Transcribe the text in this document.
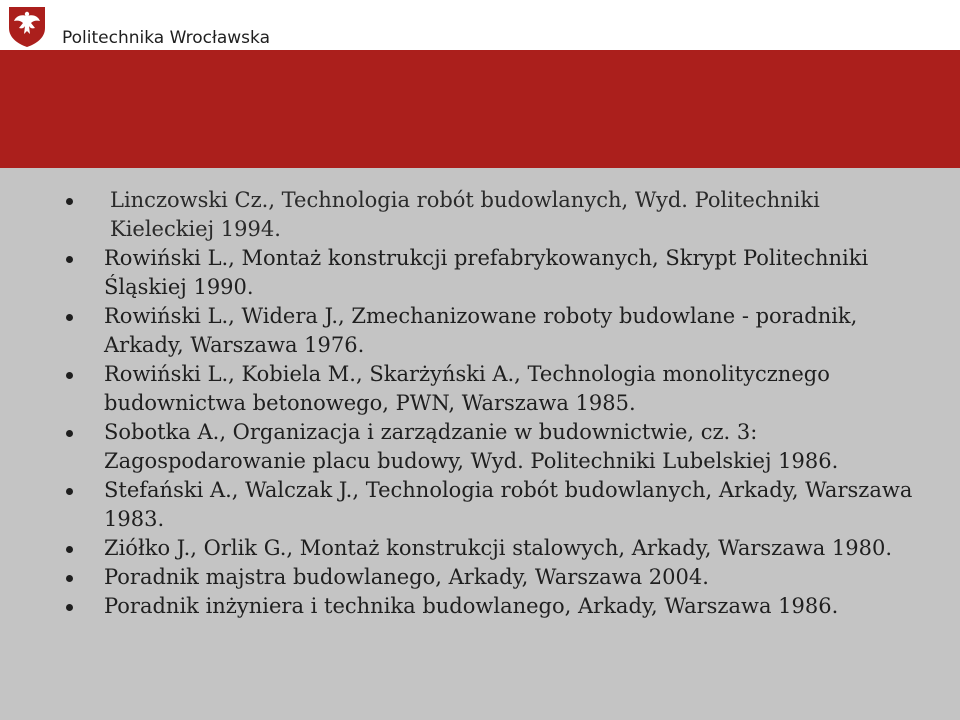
Politechnika Wrocławska
Linczowski Cz., Technologia robót budowlanych, Wyd. Politechniki
Kieleckiej 1994.
Rowiński L., Montaż konstrukcji prefabrykowanych, Skrypt Politechniki
Śląskiej 1990.
Rowiński L., Widera J., Zmechanizowane roboty budowlane - poradnik,
Arkady, Warszawa 1976.
Rowiński L., Kobiela M., Skarżyński A., Technologia monolitycznego
budownictwa betonowego, PWN, Warszawa 1985.
Sobotka A., Organizacja i zarządzanie w budownictwie, cz. 3:
Zagospodarowanie placu budowy, Wyd. Politechniki Lubelskiej 1986.
Stefański A., Walczak J., Technologia robót budowlanych, Arkady, Warszawa
1983.
Ziółko J., Orlik G., Montaż konstrukcji stalowych, Arkady, Warszawa 1980.
Poradnik majstra budowlanego, Arkady, Warszawa 2004.
Poradnik inżyniera i technika budowlanego, Arkady, Warszawa 1986.
